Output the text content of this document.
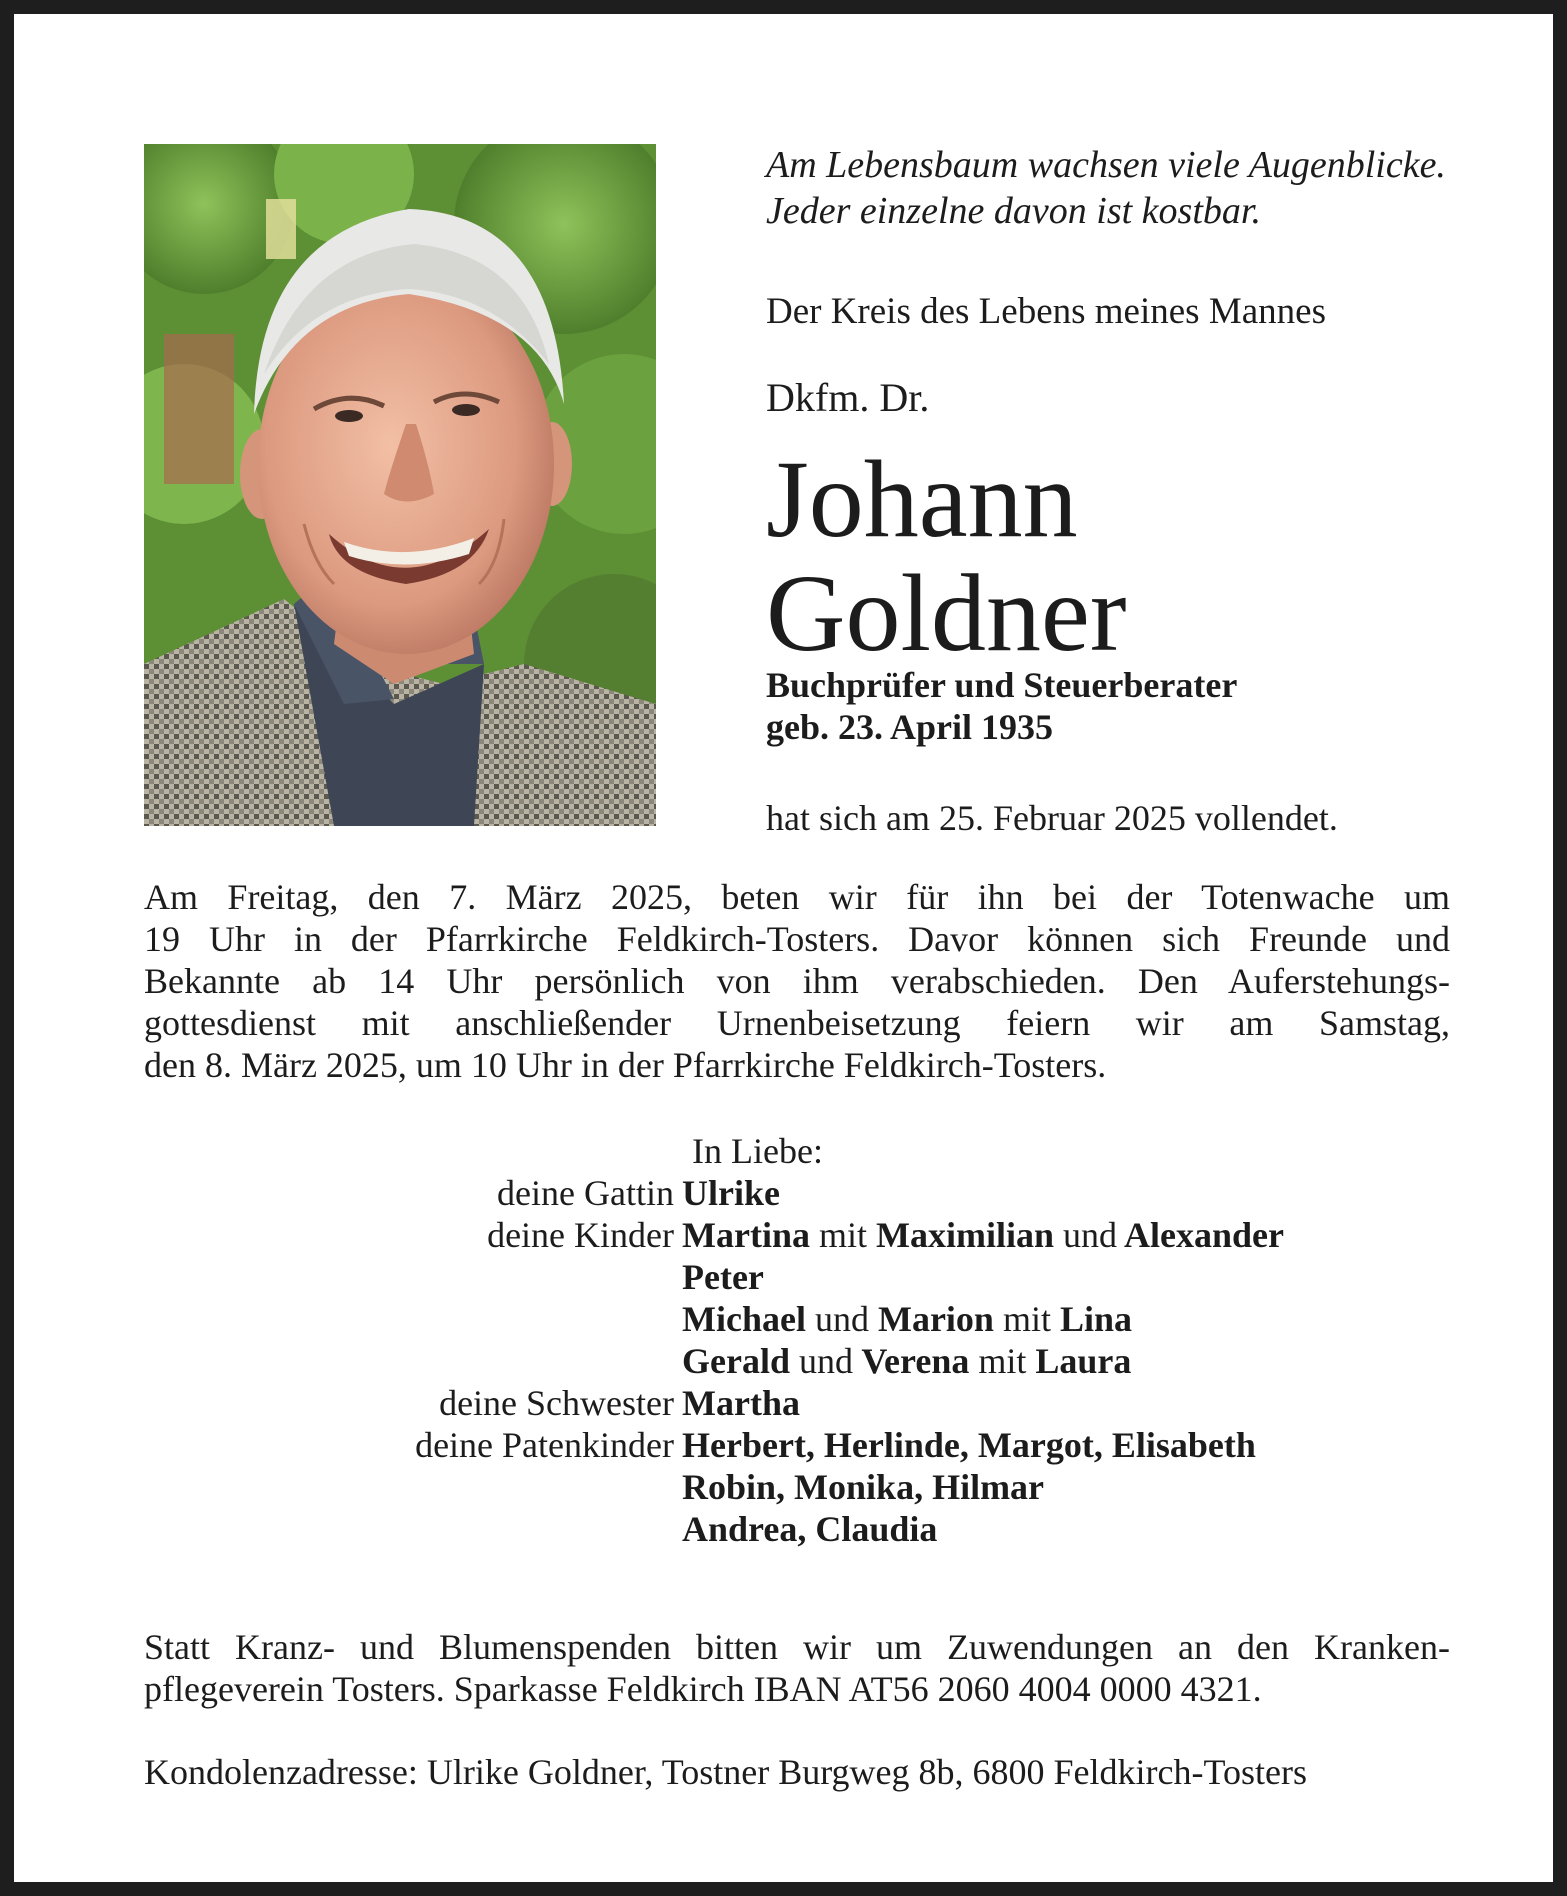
Am Lebensbaum wachsen viele Augenblicke.
Jeder einzelne davon ist kostbar.
Der Kreis des Lebens meines Mannes
Dkfm. Dr.
Johann
Goldner
Buchprüfer und Steuerberater
geb. 23. April 1935
hat sich am 25. Februar 2025 vollendet.
Am Freitag, den 7. März 2025, beten wir für ihn bei der Totenwache um
19 Uhr in der Pfarrkirche Feldkirch-Tosters. Davor können sich Freunde und
Bekannte ab 14 Uhr persönlich von ihm verabschieden. Den Auferstehungs-
gottesdienst mit anschließender Urnenbeisetzung feiern wir am Samstag,
den 8. März 2025, um 10 Uhr in der Pfarrkirche Feldkirch-Tosters.
In Liebe:
deine Gattin Ulrike
deine Kinder Martina mit Maximilian und Alexander
Peter
Michael und Marion mit Lina
Gerald und Verena mit Laura
deine Schwester Martha
deine Patenkinder Herbert, Herlinde, Margot, Elisabeth
Robin, Monika, Hilmar
Andrea, Claudia
Statt Kranz- und Blumenspenden bitten wir um Zuwendungen an den Kranken-
pflegeverein Tosters. Sparkasse Feldkirch IBAN AT56 2060 4004 0000 4321.
Kondolenzadresse: Ulrike Goldner, Tostner Burgweg 8b, 6800 Feldkirch-Tosters
